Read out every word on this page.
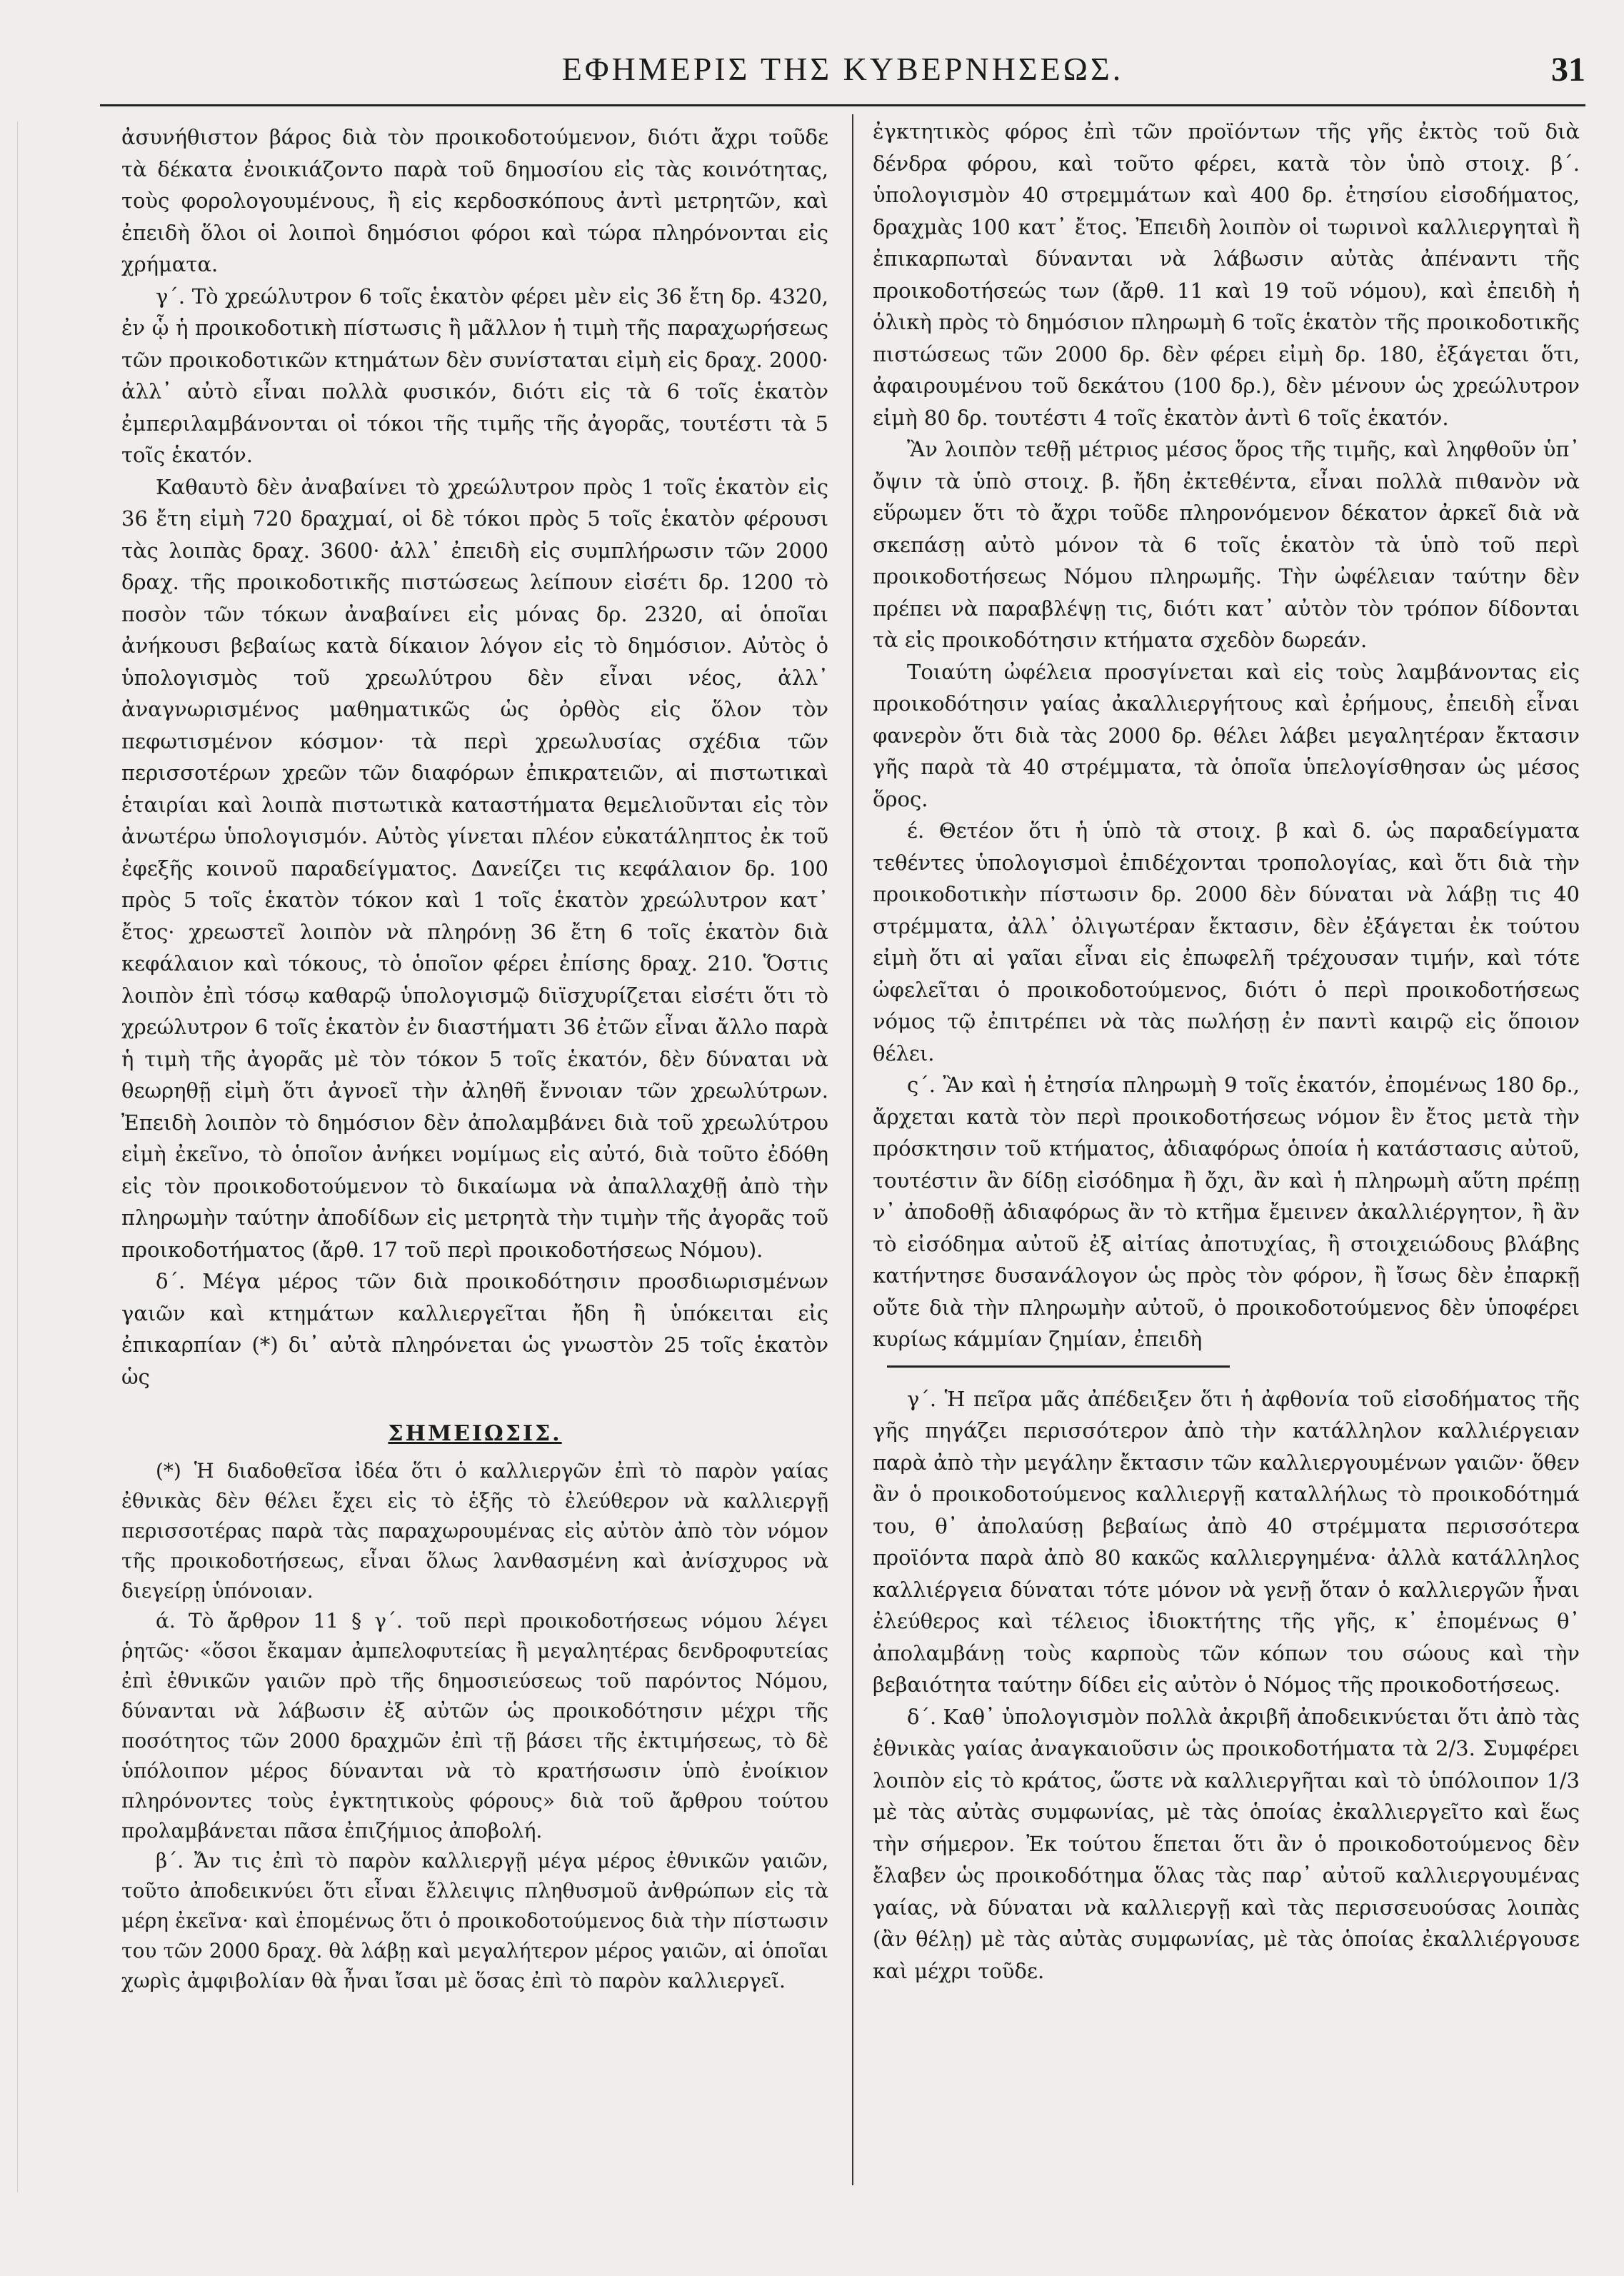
ΕΦΗΜΕΡΙΣ ΤΗΣ ΚΥΒΕΡΝΗΣΕΩΣ.	31

ἀσυνήθιστον βάρος διὰ τὸν προικοδοτούμενον, διότι ἄχρι τοῦδε τὰ δέκατα ἐνοικιάζοντο παρὰ τοῦ δημοσίου εἰς τὰς κοινότητας, τοὺς φορολογουμένους, ἢ εἰς κερδοσκόπους ἀντὶ μετρητῶν, καὶ ἐπειδὴ ὅλοι οἱ λοιποὶ δημόσιοι φόροι καὶ τώρα πληρόνονται εἰς χρήματα.

γ΄. Τὸ χρεώλυτρον 6 τοῖς ἑκατὸν φέρει μὲν εἰς 36 ἔτη δρ. 4320, ἐν ᾧ ἡ προικοδοτικὴ πίστωσις ἢ μᾶλλον ἡ τιμὴ τῆς παραχωρήσεως τῶν προικοδοτικῶν κτημάτων δὲν συνίσταται εἰμὴ εἰς δραχ. 2000· ἀλλ᾽ αὐτὸ εἶναι πολλὰ φυσικόν, διότι εἰς τὰ 6 τοῖς ἑκατὸν ἐμπεριλαμβάνονται οἱ τόκοι τῆς τιμῆς τῆς ἀγορᾶς, τουτέστι τὰ 5 τοῖς ἑκατόν.

Καθαυτὸ δὲν ἀναβαίνει τὸ χρεώλυτρον πρὸς 1 τοῖς ἑκατὸν εἰς 36 ἔτη εἰμὴ 720 δραχμαί, οἱ δὲ τόκοι πρὸς 5 τοῖς ἑκατὸν φέρουσι τὰς λοιπὰς δραχ. 3600· ἀλλ᾽ ἐπειδὴ εἰς συμπλήρωσιν τῶν 2000 δραχ. τῆς προικοδοτικῆς πιστώσεως λείπουν εἰσέτι δρ. 1200 τὸ ποσὸν τῶν τόκων ἀναβαίνει εἰς μόνας δρ. 2320, αἱ ὁποῖαι ἀνήκουσι βεβαίως κατὰ δίκαιον λόγον εἰς τὸ δημόσιον. Αὐτὸς ὁ ὑπολογισμὸς τοῦ χρεωλύτρου δὲν εἶναι νέος, ἀλλ᾽ ἀναγνωρισμένος μαθηματικῶς ὡς ὀρθὸς εἰς ὅλον τὸν πεφωτισμένον κόσμον· τὰ περὶ χρεωλυσίας σχέδια τῶν περισσοτέρων χρεῶν τῶν διαφόρων ἐπικρατειῶν, αἱ πιστωτικαὶ ἑταιρίαι καὶ λοιπὰ πιστωτικὰ καταστήματα θεμελιοῦνται εἰς τὸν ἀνωτέρω ὑπολογισμόν. Αὐτὸς γίνεται πλέον εὐκατάληπτος ἐκ τοῦ ἐφεξῆς κοινοῦ παραδείγματος. Δανείζει τις κεφάλαιον δρ. 100 πρὸς 5 τοῖς ἑκατὸν τόκον καὶ 1 τοῖς ἑκατὸν χρεώλυτρον κατ᾽ ἔτος· χρεωστεῖ λοιπὸν νὰ πληρόνῃ 36 ἔτη 6 τοῖς ἑκατὸν διὰ κεφάλαιον καὶ τόκους, τὸ ὁποῖον φέρει ἐπίσης δραχ. 210. Ὅστις λοιπὸν ἐπὶ τόσῳ καθαρῷ ὑπολογισμῷ διϊσχυρίζεται εἰσέτι ὅτι τὸ χρεώλυτρον 6 τοῖς ἑκατὸν ἐν διαστήματι 36 ἐτῶν εἶναι ἄλλο παρὰ ἡ τιμὴ τῆς ἀγορᾶς μὲ τὸν τόκον 5 τοῖς ἑκατόν, δὲν δύναται νὰ θεωρηθῇ εἰμὴ ὅτι ἀγνοεῖ τὴν ἀληθῆ ἔννοιαν τῶν χρεωλύτρων. Ἐπειδὴ λοιπὸν τὸ δημόσιον δὲν ἀπολαμβάνει διὰ τοῦ χρεωλύτρου εἰμὴ ἐκεῖνο, τὸ ὁποῖον ἀνήκει νομίμως εἰς αὐτό, διὰ τοῦτο ἐδόθη εἰς τὸν προικοδοτούμενον τὸ δικαίωμα νὰ ἀπαλλαχθῇ ἀπὸ τὴν πληρωμὴν ταύτην ἀποδίδων εἰς μετρητὰ τὴν τιμὴν τῆς ἀγορᾶς τοῦ προικοδοτήματος (ἄρθ. 17 τοῦ περὶ προικοδοτήσεως Νόμου).

δ΄. Μέγα μέρος τῶν διὰ προικοδότησιν προσδιωρισμένων γαιῶν καὶ κτημάτων καλλιεργεῖται ἤδη ἢ ὑπόκειται εἰς ἐπικαρπίαν (*) δι᾽ αὐτὰ πληρόνεται ὡς γνωστὸν 25 τοῖς ἑκατὸν ὡς

ΣΗΜΕΙΩΣΙΣ.

(*) Ἡ διαδοθεῖσα ἰδέα ὅτι ὁ καλλιεργῶν ἐπὶ τὸ παρὸν γαίας ἐθνικὰς δὲν θέλει ἔχει εἰς τὸ ἑξῆς τὸ ἐλεύθερον νὰ καλλιεργῇ περισσοτέρας παρὰ τὰς παραχωρουμένας εἰς αὐτὸν ἀπὸ τὸν νόμον τῆς προικοδοτήσεως, εἶναι ὅλως λανθασμένη καὶ ἀνίσχυρος νὰ διεγείρῃ ὑπόνοιαν.

ά. Τὸ ἄρθρον 11 § γ΄. τοῦ περὶ προικοδοτήσεως νόμου λέγει ῥητῶς· «ὅσοι ἔκαμαν ἀμπελοφυτείας ἢ μεγαλητέρας δενδροφυτείας ἐπὶ ἐθνικῶν γαιῶν πρὸ τῆς δημοσιεύσεως τοῦ παρόντος Νόμου, δύνανται νὰ λάβωσιν ἐξ αὐτῶν ὡς προικοδότησιν μέχρι τῆς ποσότητος τῶν 2000 δραχμῶν ἐπὶ τῇ βάσει τῆς ἐκτιμήσεως, τὸ δὲ ὑπόλοιπον μέρος δύνανται νὰ τὸ κρατήσωσιν ὑπὸ ἐνοίκιον πληρόνοντες τοὺς ἐγκτητικοὺς φόρους» διὰ τοῦ ἄρθρου τούτου προλαμβάνεται πᾶσα ἐπιζήμιος ἀποβολή.

β΄. Ἄν τις ἐπὶ τὸ παρὸν καλλιεργῇ μέγα μέρος ἐθνικῶν γαιῶν, τοῦτο ἀποδεικνύει ὅτι εἶναι ἔλλειψις πληθυσμοῦ ἀνθρώπων εἰς τὰ μέρη ἐκεῖνα· καὶ ἐπομένως ὅτι ὁ προικοδοτούμενος διὰ τὴν πίστωσιν του τῶν 2000 δραχ. θὰ λάβῃ καὶ μεγαλήτερον μέρος γαιῶν, αἱ ὁποῖαι χωρὶς ἀμφιβολίαν θὰ ἦναι ἴσαι μὲ ὅσας ἐπὶ τὸ παρὸν καλλιεργεῖ.

ἐγκτητικὸς φόρος ἐπὶ τῶν προϊόντων τῆς γῆς ἐκτὸς τοῦ διὰ δένδρα φόρου, καὶ τοῦτο φέρει, κατὰ τὸν ὑπὸ στοιχ. β΄. ὑπολογισμὸν 40 στρεμμάτων καὶ 400 δρ. ἐτησίου εἰσοδήματος, δραχμὰς 100 κατ᾽ ἔτος. Ἐπειδὴ λοιπὸν οἱ τωρινοὶ καλλιεργηταὶ ἢ ἐπικαρπωταὶ δύνανται νὰ λάβωσιν αὐτὰς ἀπέναντι τῆς προικοδοτήσεώς των (ἄρθ. 11 καὶ 19 τοῦ νόμου), καὶ ἐπειδὴ ἡ ὁλικὴ πρὸς τὸ δημόσιον πληρωμὴ 6 τοῖς ἑκατὸν τῆς προικοδοτικῆς πιστώσεως τῶν 2000 δρ. δὲν φέρει εἰμὴ δρ. 180, ἐξάγεται ὅτι, ἀφαιρουμένου τοῦ δεκάτου (100 δρ.), δὲν μένουν ὡς χρεώλυτρον εἰμὴ 80 δρ. τουτέστι 4 τοῖς ἑκατὸν ἀντὶ 6 τοῖς ἑκατόν.

Ἂν λοιπὸν τεθῇ μέτριος μέσος ὅρος τῆς τιμῆς, καὶ ληφθοῦν ὑπ᾽ ὄψιν τὰ ὑπὸ στοιχ. β. ἤδη ἐκτεθέντα, εἶναι πολλὰ πιθανὸν νὰ εὕρωμεν ὅτι τὸ ἄχρι τοῦδε πληρονόμενον δέκατον ἀρκεῖ διὰ νὰ σκεπάσῃ αὐτὸ μόνον τὰ 6 τοῖς ἑκατὸν τὰ ὑπὸ τοῦ περὶ προικοδοτήσεως Νόμου πληρωμῆς. Τὴν ὠφέλειαν ταύτην δὲν πρέπει νὰ παραβλέψῃ τις, διότι κατ᾽ αὐτὸν τὸν τρόπον δίδονται τὰ εἰς προικοδότησιν κτήματα σχεδὸν δωρεάν.

Τοιαύτη ὠφέλεια προσγίνεται καὶ εἰς τοὺς λαμβάνοντας εἰς προικοδότησιν γαίας ἀκαλλιεργήτους καὶ ἐρήμους, ἐπειδὴ εἶναι φανερὸν ὅτι διὰ τὰς 2000 δρ. θέλει λάβει μεγαλητέραν ἔκτασιν γῆς παρὰ τὰ 40 στρέμματα, τὰ ὁποῖα ὑπελογίσθησαν ὡς μέσος ὅρος.

έ. Θετέον ὅτι ἡ ὑπὸ τὰ στοιχ. β καὶ δ. ὡς παραδείγματα τεθέντες ὑπολογισμοὶ ἐπιδέχονται τροπολογίας, καὶ ὅτι διὰ τὴν προικοδοτικὴν πίστωσιν δρ. 2000 δὲν δύναται νὰ λάβῃ τις 40 στρέμματα, ἀλλ᾽ ὀλιγωτέραν ἔκτασιν, δὲν ἐξάγεται ἐκ τούτου εἰμὴ ὅτι αἱ γαῖαι εἶναι εἰς ἐπωφελῆ τρέχουσαν τιμήν, καὶ τότε ὠφελεῖται ὁ προικοδοτούμενος, διότι ὁ περὶ προικοδοτήσεως νόμος τῷ ἐπιτρέπει νὰ τὰς πωλήσῃ ἐν παντὶ καιρῷ εἰς ὅποιον θέλει.

ς΄. Ἂν καὶ ἡ ἐτησία πληρωμὴ 9 τοῖς ἑκατόν, ἐπομένως 180 δρ., ἄρχεται κατὰ τὸν περὶ προικοδοτήσεως νόμον ἓν ἔτος μετὰ τὴν πρόσκτησιν τοῦ κτήματος, ἀδιαφόρως ὁποία ἡ κατάστασις αὐτοῦ, τουτέστιν ἂν δίδῃ εἰσόδημα ἢ ὄχι, ἂν καὶ ἡ πληρωμὴ αὕτη πρέπῃ ν᾽ ἀποδοθῇ ἀδιαφόρως ἂν τὸ κτῆμα ἔμεινεν ἀκαλλιέργητον, ἢ ἂν τὸ εἰσόδημα αὐτοῦ ἐξ αἰτίας ἀποτυχίας, ἢ στοιχειώδους βλάβης κατήντησε δυσανάλογον ὡς πρὸς τὸν φόρον, ἢ ἴσως δὲν ἐπαρκῇ οὔτε διὰ τὴν πληρωμὴν αὐτοῦ, ὁ προικοδοτούμενος δὲν ὑποφέρει κυρίως κάμμίαν ζημίαν, ἐπειδὴ

γ΄. Ἡ πεῖρα μᾶς ἀπέδειξεν ὅτι ἡ ἀφθονία τοῦ εἰσοδήματος τῆς γῆς πηγάζει περισσότερον ἀπὸ τὴν κατάλληλον καλλιέργειαν παρὰ ἀπὸ τὴν μεγάλην ἔκτασιν τῶν καλλιεργουμένων γαιῶν· ὅθεν ἂν ὁ προικοδοτούμενος καλλιεργῇ καταλλήλως τὸ προικοδότημά του, θ᾽ ἀπολαύσῃ βεβαίως ἀπὸ 40 στρέμματα περισσότερα προϊόντα παρὰ ἀπὸ 80 κακῶς καλλιεργημένα· ἀλλὰ κατάλληλος καλλιέργεια δύναται τότε μόνον νὰ γενῇ ὅταν ὁ καλλιεργῶν ἦναι ἐλεύθερος καὶ τέλειος ἰδιοκτήτης τῆς γῆς, κ᾽ ἐπομένως θ᾽ ἀπολαμβάνῃ τοὺς καρποὺς τῶν κόπων του σώους καὶ τὴν βεβαιότητα ταύτην δίδει εἰς αὐτὸν ὁ Νόμος τῆς προικοδοτήσεως.

δ΄. Καθ᾽ ὑπολογισμὸν πολλὰ ἀκριβῆ ἀποδεικνύεται ὅτι ἀπὸ τὰς ἐθνικὰς γαίας ἀναγκαιοῦσιν ὡς προικοδοτήματα τὰ 2/3. Συμφέρει λοιπὸν εἰς τὸ κράτος, ὥστε νὰ καλλιεργῆται καὶ τὸ ὑπόλοιπον 1/3 μὲ τὰς αὐτὰς συμφωνίας, μὲ τὰς ὁποίας ἐκαλλιεργεῖτο καὶ ἕως τὴν σήμερον. Ἐκ τούτου ἕπεται ὅτι ἂν ὁ προικοδοτούμενος δὲν ἔλαβεν ὡς προικοδότημα ὅλας τὰς παρ᾽ αὐτοῦ καλλιεργουμένας γαίας, νὰ δύναται νὰ καλλιεργῇ καὶ τὰς περισσευούσας λοιπὰς (ἂν θέλῃ) μὲ τὰς αὐτὰς συμφωνίας, μὲ τὰς ὁποίας ἐκαλλιέργουσε καὶ μέχρι τοῦδε.
